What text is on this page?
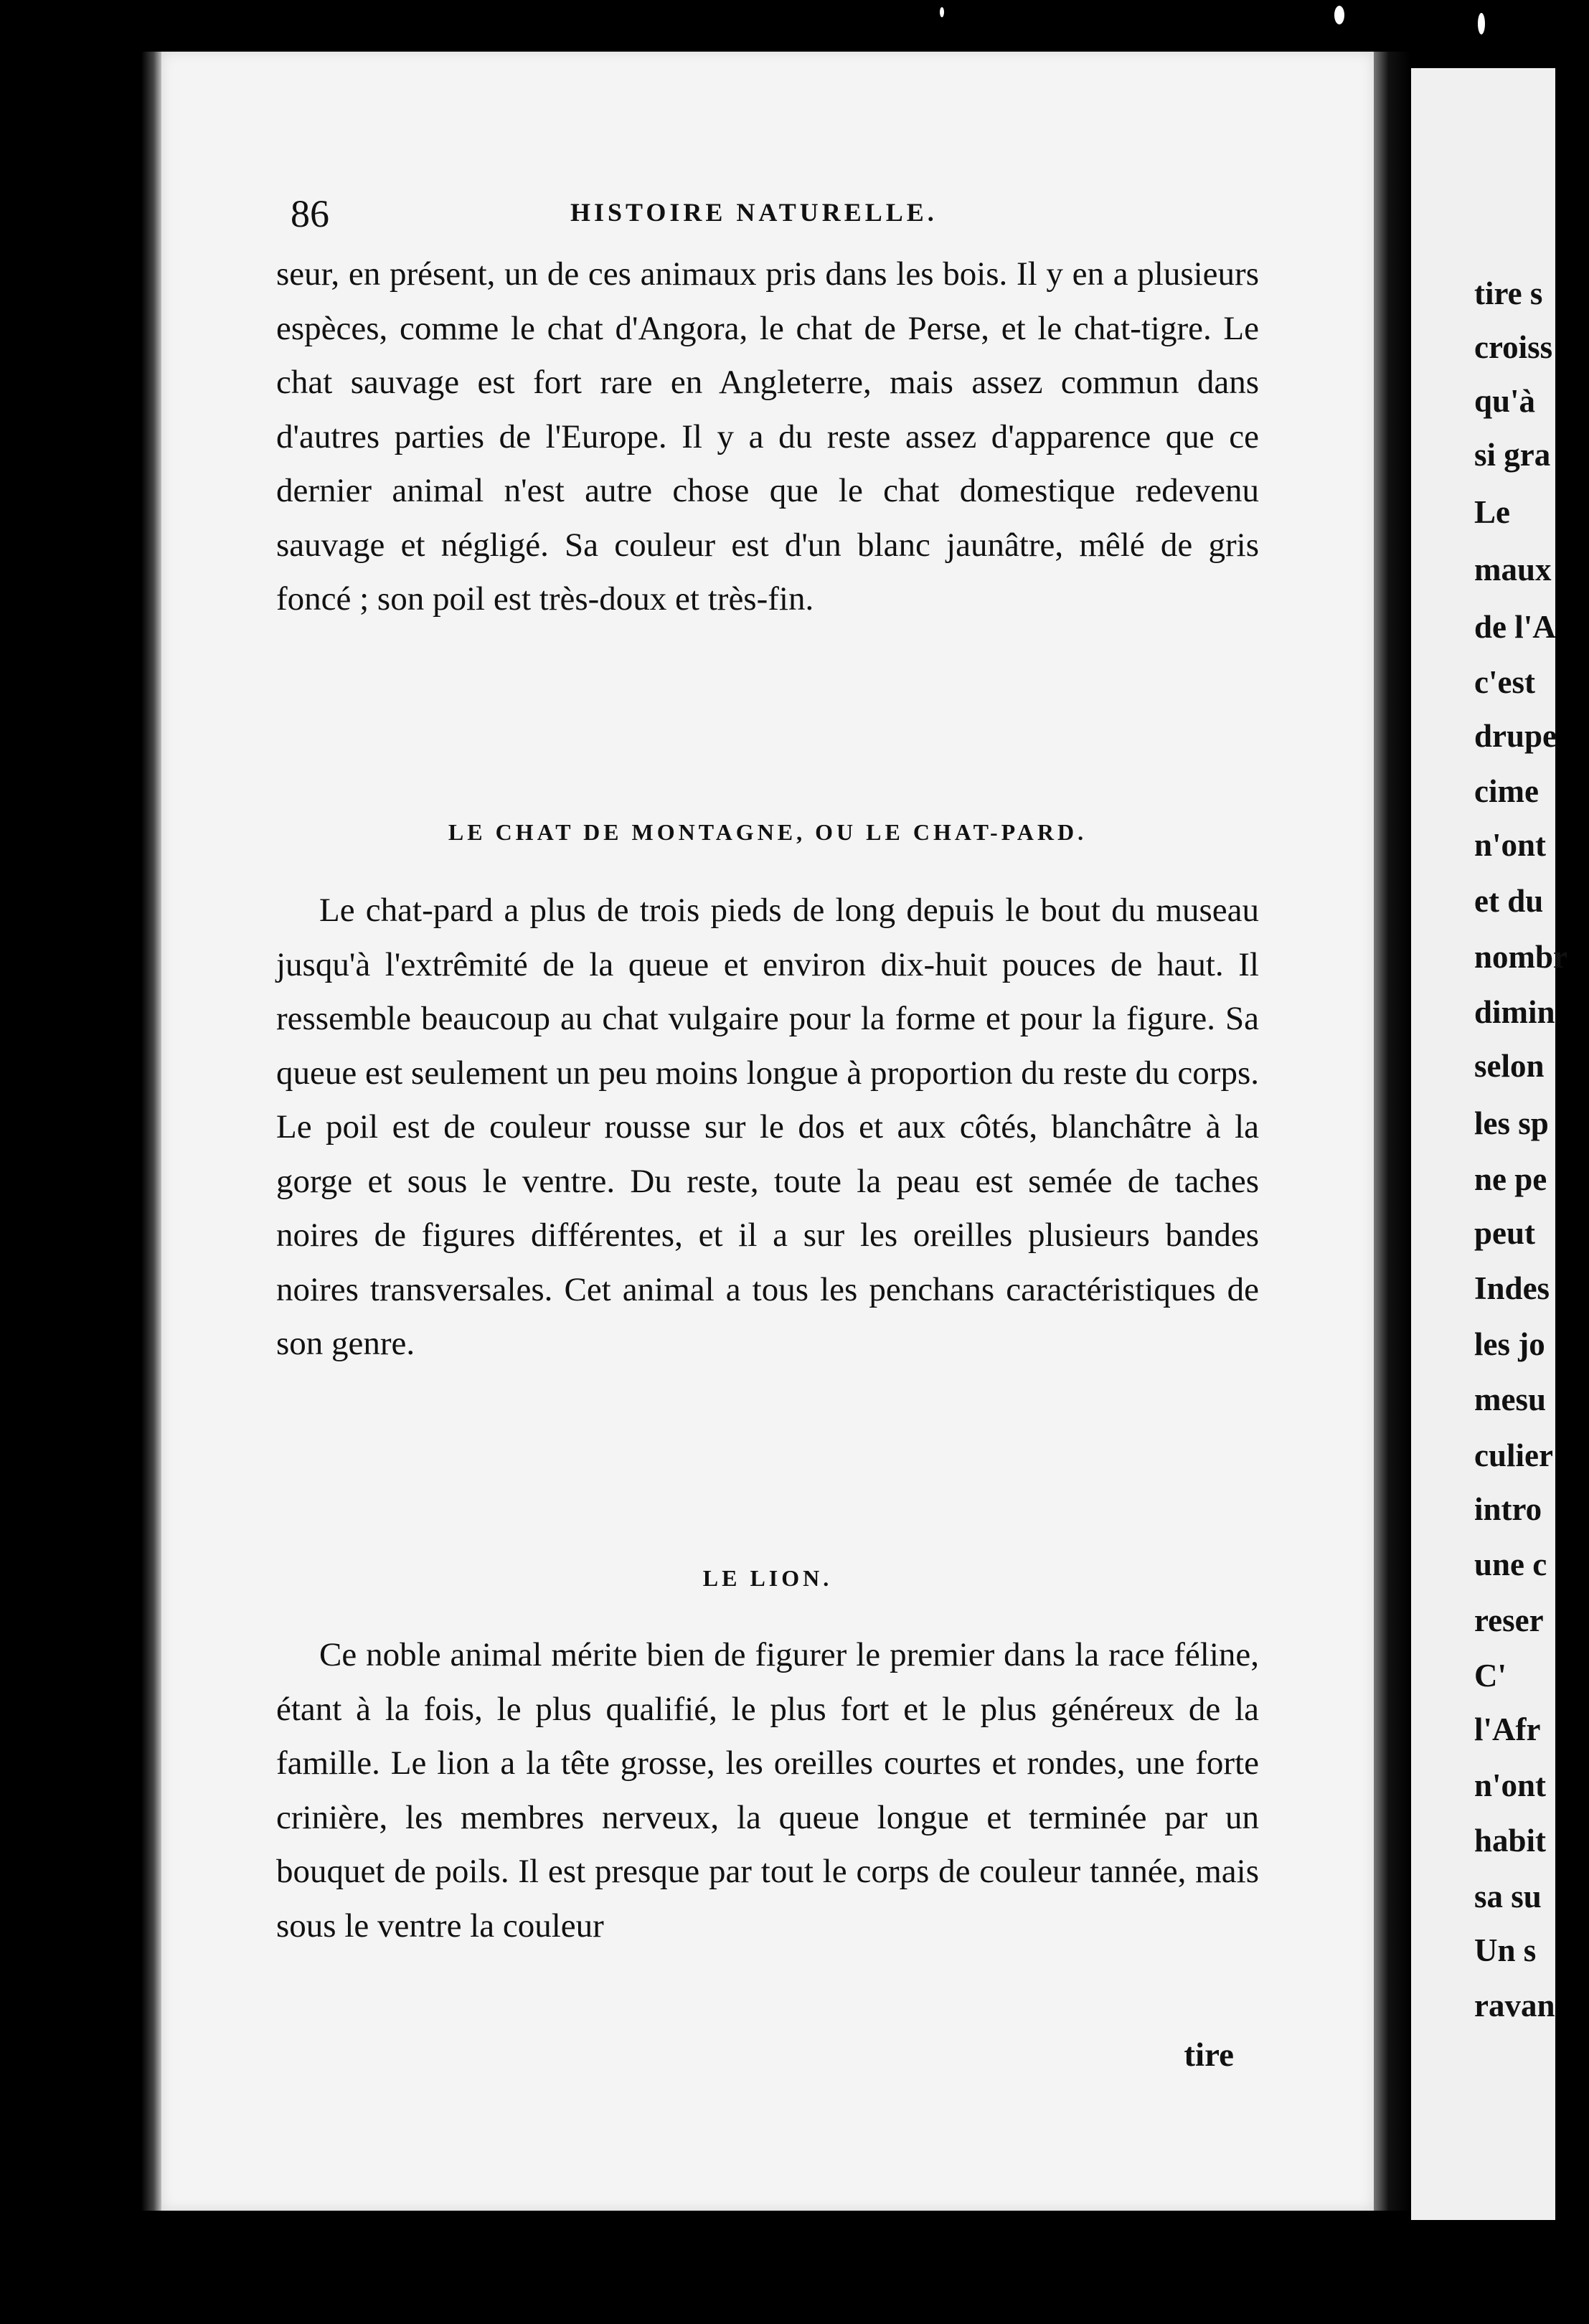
86	HISTOIRE NATURELLE.

seur, en présent, un de ces animaux pris dans les bois. Il y en a plusieurs espèces, comme le chat d'Angora, le chat de Perse, et le chat-tigre. Le chat sauvage est fort rare en Angleterre, mais assez commun dans d'autres parties de l'Europe. Il y a du reste assez d'apparence que ce dernier animal n'est autre chose que le chat domestique redevenu sauvage et négligé. Sa couleur est d'un blanc jaunâtre, mêlé de gris foncé ; son poil est très-doux et très-fin.

LE CHAT DE MONTAGNE, OU LE CHAT-PARD.

Le chat-pard a plus de trois pieds de long depuis le bout du museau jusqu'à l'extrêmité de la queue et environ dix-huit pouces de haut. Il ressemble beaucoup au chat vulgaire pour la forme et pour la figure. Sa queue est seulement un peu moins longue à proportion du reste du corps. Le poil est de couleur rousse sur le dos et aux côtés, blanchâtre à la gorge et sous le ventre. Du reste, toute la peau est semée de taches noires de figures différentes, et il a sur les oreilles plusieurs bandes noires transversales. Cet animal a tous les penchans caractéristiques de son genre.

LE LION.

Ce noble animal mérite bien de figurer le premier dans la race féline, étant à la fois, le plus qualifié, le plus fort et le plus généreux de la famille. Le lion a la tête grosse, les oreilles courtes et rondes, une forte crinière, les membres nerveux, la queue longue et terminée par un bouquet de poils. Il est presque par tout le corps de couleur tannée, mais sous le ventre la couleur

tire
tire s
croiss
qu'à
si gra
Le
maux
de l'A
c'est
drupe
cime
n'ont
et du
nombr
dimin
selon
les sp
ne pe
peut
Indes
les jo
mesu
culier
intro
une c
reser
C'
l'Afr
n'ont
habit
sa su
Un s
ravan
